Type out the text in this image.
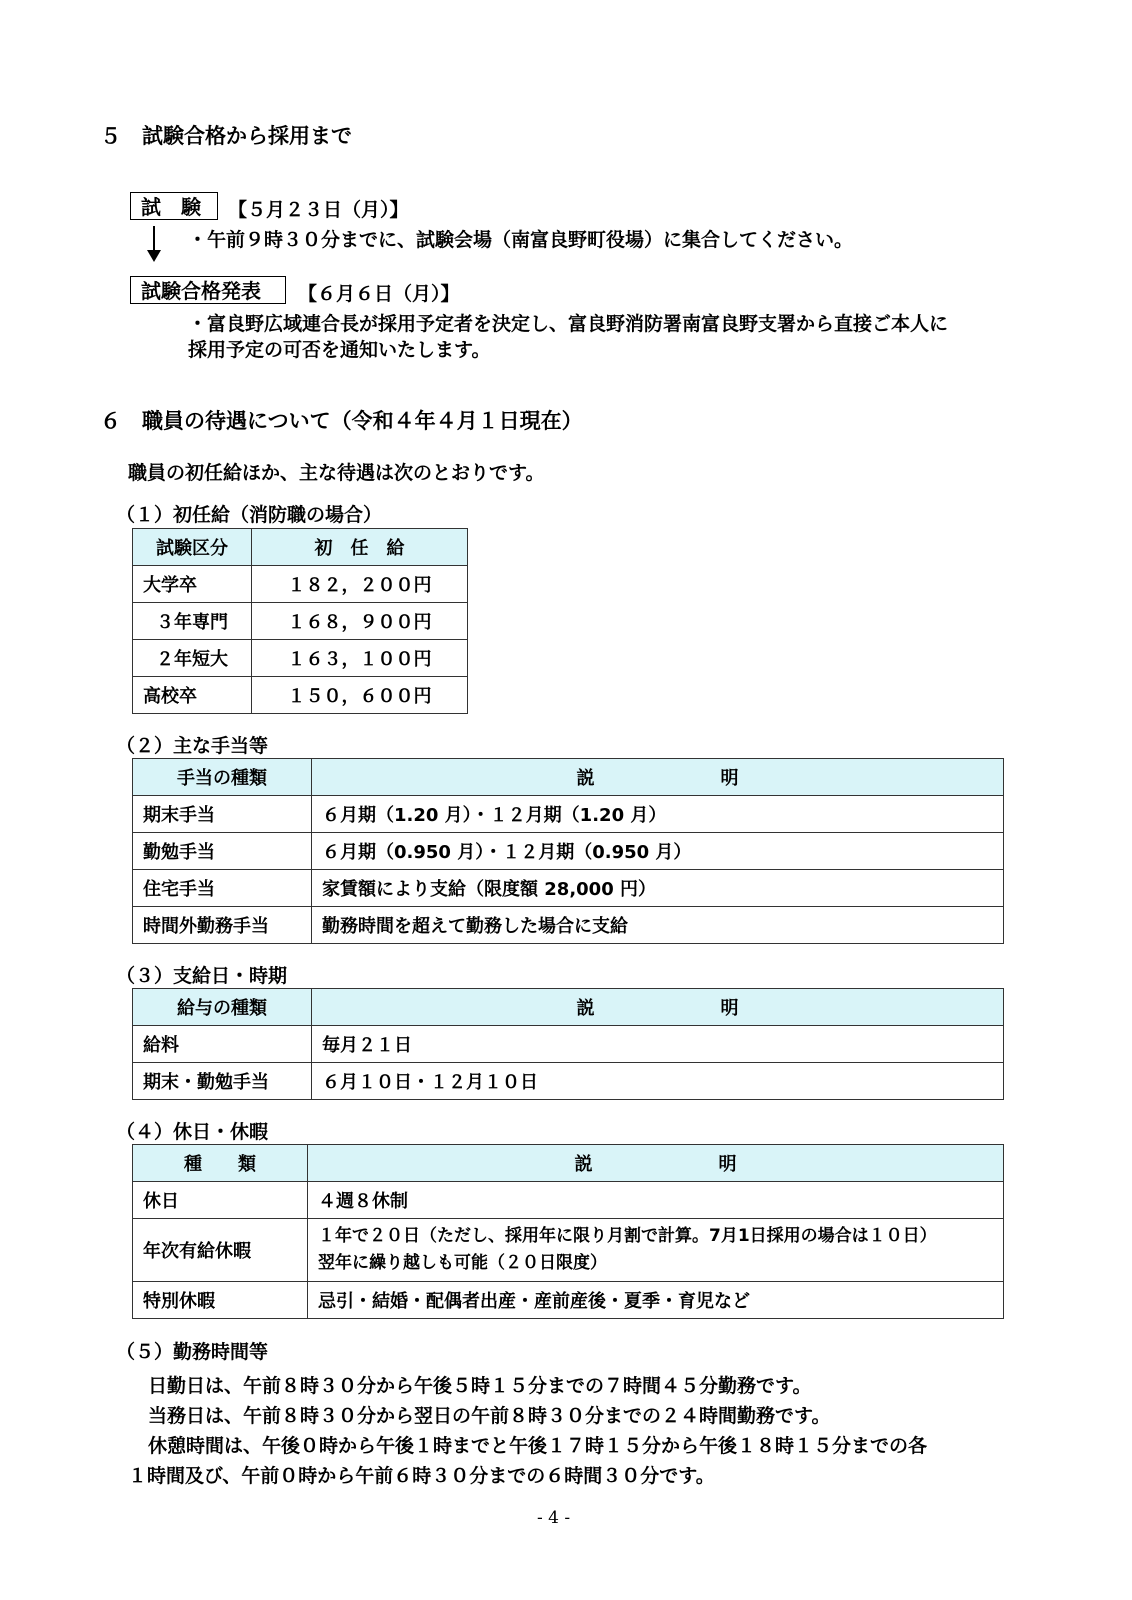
５　試験合格から採用まで
試　験	【５月２３日（月）】
・午前９時３０分までに、試験会場（南富良野町役場）に集合してください。
試験合格発表	【６月６日（月）】
・富良野広域連合長が採用予定者を決定し、富良野消防署南富良野支署から直接ご本人に
採用予定の可否を通知いたします。
６　職員の待遇について（令和４年４月１日現在）
職員の初任給ほか、主な待遇は次のとおりです。
（１）初任給（消防職の場合）
試験区分	初　任　給
大学卒	１８２，２００円
３年専門	１６８，９００円
２年短大	１６３，１００円
高校卒	１５０，６００円
（２）主な手当等
手当の種類	説　　　　　　　明
期末手当	６月期（1.20 月）・１２月期（1.20 月）
勤勉手当	６月期（0.950 月）・１２月期（0.950 月）
住宅手当	家賃額により支給（限度額 28,000 円）
時間外勤務手当	勤務時間を超えて勤務した場合に支給
（３）支給日・時期
給与の種類	説　　　　　　　明
給料	毎月２１日
期末・勤勉手当	６月１０日・１２月１０日
（４）休日・休暇
種　　類	説　　　　　　　明
休日	４週８休制
年次有給休暇	１年で２０日（ただし、採用年に限り月割で計算。7月1日採用の場合は１０日）
翌年に繰り越しも可能（２０日限度）

特別休暇	忌引・結婚・配偶者出産・産前産後・夏季・育児など
（５）勤務時間等
日勤日は、午前８時３０分から午後５時１５分までの７時間４５分勤務です。
当務日は、午前８時３０分から翌日の午前８時３０分までの２４時間勤務です。
休憩時間は、午後０時から午後１時までと午後１７時１５分から午後１８時１５分までの各
１時間及び、午前０時から午前６時３０分までの６時間３０分です。
- 4 -
